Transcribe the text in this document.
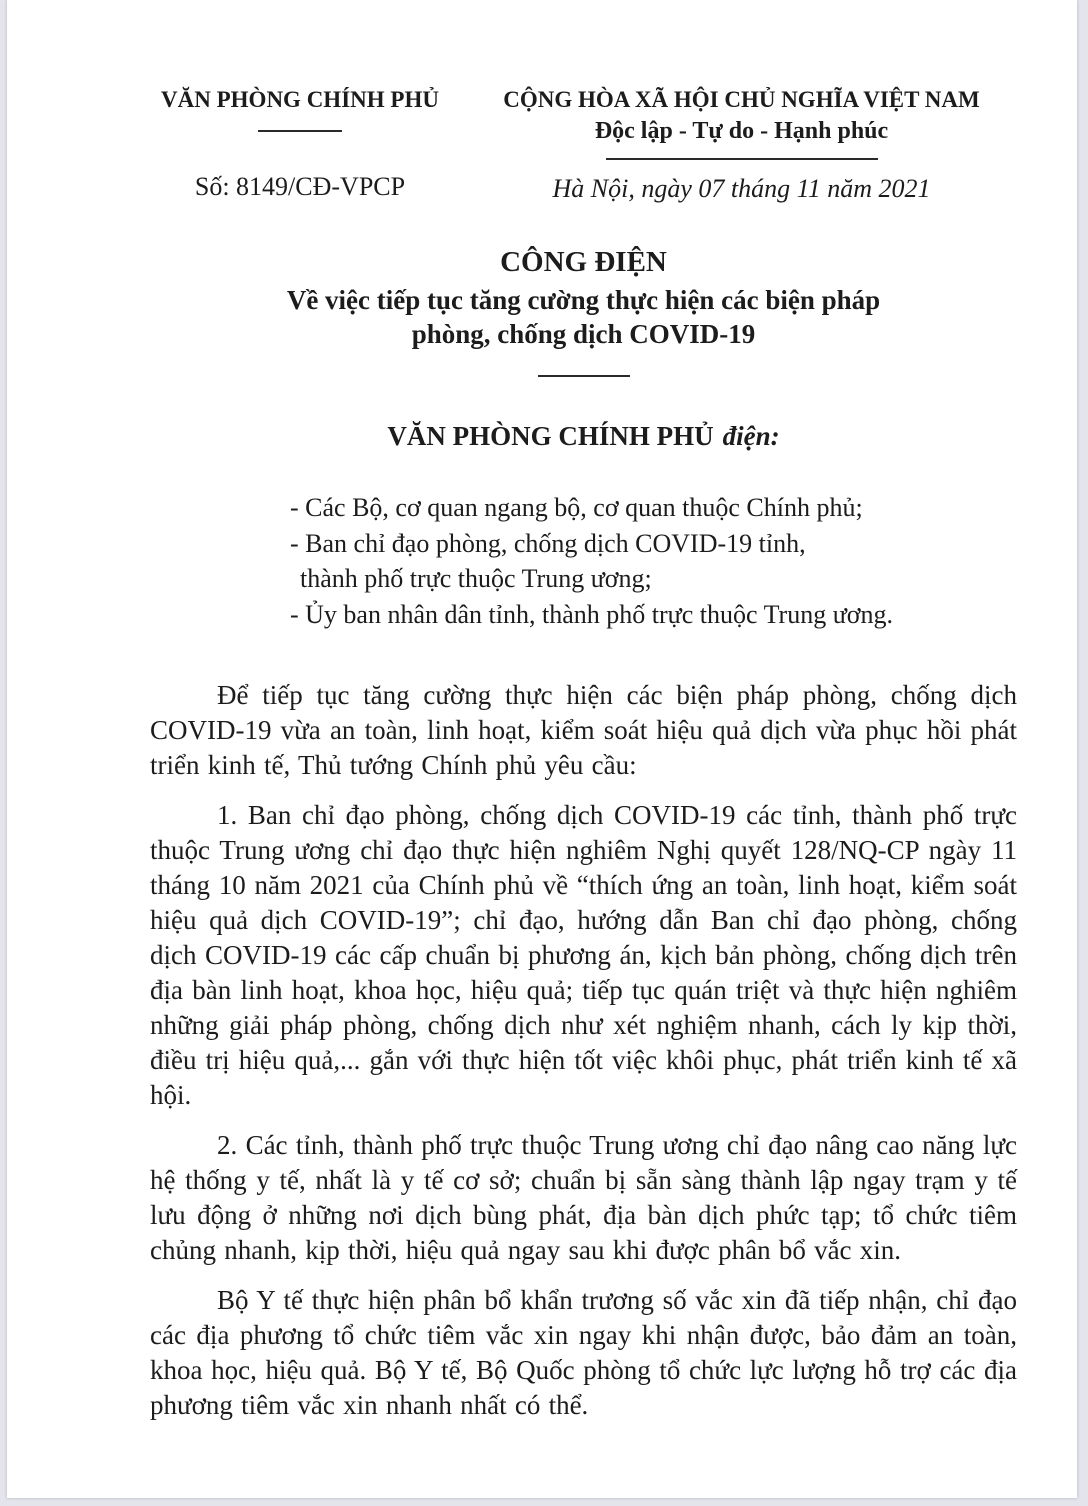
VĂN PHÒNG CHÍNH PHỦ
Số: 8149/CĐ-VPCP
CỘNG HÒA XÃ HỘI CHỦ NGHĨA VIỆT NAM
Độc lập - Tự do - Hạnh phúc
Hà Nội, ngày 07 tháng 11 năm 2021
CÔNG ĐIỆN
Về việc tiếp tục tăng cường thực hiện các biện pháp
phòng, chống dịch COVID-19
VĂN PHÒNG CHÍNH PHỦ điện:
- Các Bộ, cơ quan ngang bộ, cơ quan thuộc Chính phủ;
- Ban chỉ đạo phòng, chống dịch COVID-19 tỉnh,
thành phố trực thuộc Trung ương;
- Ủy ban nhân dân tỉnh, thành phố trực thuộc Trung ương.

Để tiếp tục tăng cường thực hiện các biện pháp phòng, chống dịch COVID-19 vừa an toàn, linh hoạt, kiểm soát hiệu quả dịch vừa phục hồi phát triển kinh tế, Thủ tướng Chính phủ yêu cầu:

1. Ban chỉ đạo phòng, chống dịch COVID-19 các tỉnh, thành phố trực thuộc Trung ương chỉ đạo thực hiện nghiêm Nghị quyết 128/NQ-CP ngày 11 tháng 10 năm 2021 của Chính phủ về “thích ứng an toàn, linh hoạt, kiểm soát hiệu quả dịch COVID-19”; chỉ đạo, hướng dẫn Ban chỉ đạo phòng, chống dịch COVID-19 các cấp chuẩn bị phương án, kịch bản phòng, chống dịch trên địa bàn linh hoạt, khoa học, hiệu quả; tiếp tục quán triệt và thực hiện nghiêm những giải pháp phòng, chống dịch như xét nghiệm nhanh, cách ly kịp thời, điều trị hiệu quả,... gắn với thực hiện tốt việc khôi phục, phát triển kinh tế xã hội.

2. Các tỉnh, thành phố trực thuộc Trung ương chỉ đạo nâng cao năng lực hệ thống y tế, nhất là y tế cơ sở; chuẩn bị sẵn sàng thành lập ngay trạm y tế lưu động ở những nơi dịch bùng phát, địa bàn dịch phức tạp; tổ chức tiêm chủng nhanh, kịp thời, hiệu quả ngay sau khi được phân bổ vắc xin.

Bộ Y tế thực hiện phân bổ khẩn trương số vắc xin đã tiếp nhận, chỉ đạo các địa phương tổ chức tiêm vắc xin ngay khi nhận được, bảo đảm an toàn, khoa học, hiệu quả. Bộ Y tế, Bộ Quốc phòng tổ chức lực lượng hỗ trợ các địa phương tiêm vắc xin nhanh nhất có thể.
